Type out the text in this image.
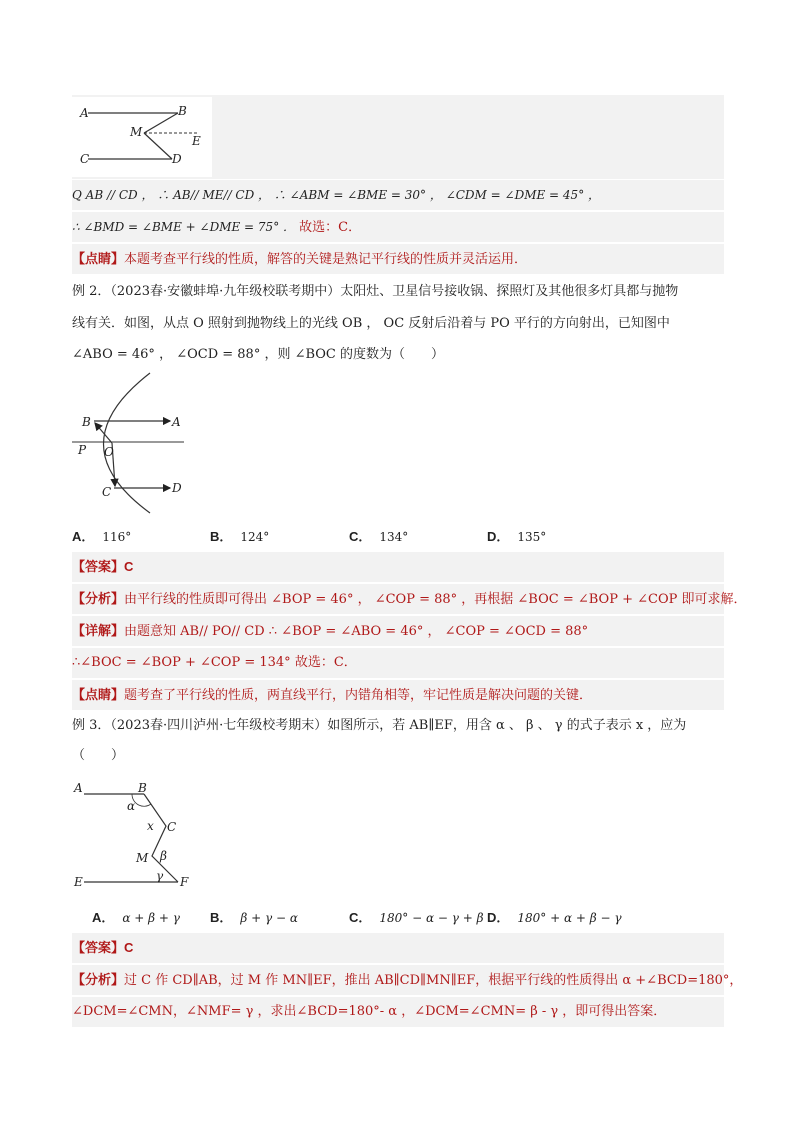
A	B
M
E
C	D
Q AB // CD ， ∴ AB// ME// CD ， ∴ ∠ABM = ∠BME = 30° ， ∠CDM = ∠DME = 45° ，
∴ ∠BMD = ∠BME + ∠DME = 75° ． 故选：C．
【点睛】本题考查平行线的性质，解答的关键是熟记平行线的性质并灵活运用．
例 2．（2023春·安徽蚌埠·九年级校联考期中）太阳灶、卫星信号接收锅、探照灯及其他很多灯具都与抛物
线有关．如图，从点 O 照射到抛物线上的光线 OB ， OC 反射后沿着与 PO 平行的方向射出，已知图中
∠ABO = 46° ， ∠OCD = 88° ，则 ∠BOC 的度数为（　　）
B	A
P O
C	D
A． 116°	B． 124°	C． 134°	D． 135°
【答案】C
【分析】由平行线的性质即可得出 ∠BOP = 46° ， ∠COP = 88° ，再根据 ∠BOC = ∠BOP + ∠COP 即可求解．
【详解】由题意知 AB// PO// CD ∴ ∠BOP = ∠ABO = 46° ， ∠COP = ∠OCD = 88°
∴∠BOC = ∠BOP + ∠COP = 134° 故选：C．
【点睛】题考查了平行线的性质，两直线平行，内错角相等，牢记性质是解决问题的关键．
例 3．（2023春·四川泸州·七年级校考期末）如图所示，若 AB∥EF，用含 α 、 β 、 γ 的式子表示 x ，应为
（　　）
A	B
α
x C
M β
γ
E	F
A． α + β + γ B． β + γ − α	C． 180° − α − γ + β D． 180° + α + β − γ
【答案】C
【分析】过 C 作 CD∥AB，过 M 作 MN∥EF，推出 AB∥CD∥MN∥EF，根据平行线的性质得出 α +∠BCD=180°，
∠DCM=∠CMN，∠NMF= γ ，求出∠BCD=180°- α ，∠DCM=∠CMN= β - γ ，即可得出答案．
